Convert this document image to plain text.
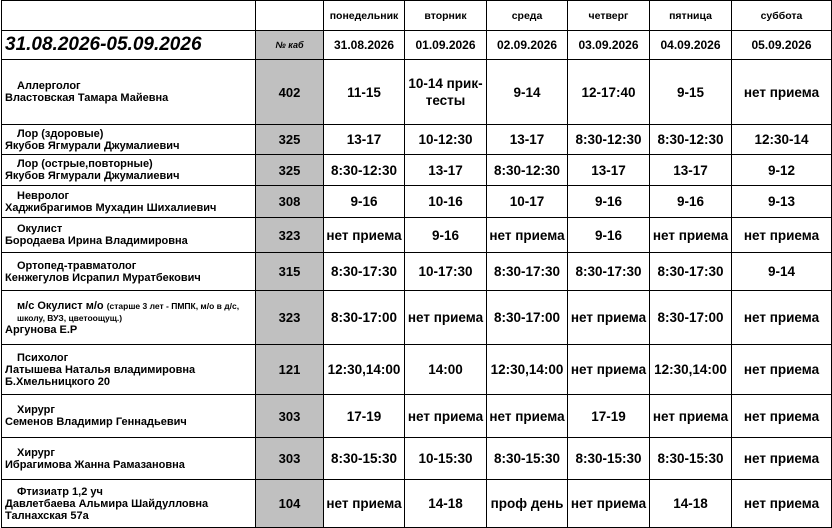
		понедельник	вторник	среда	четверг	пятница	суббота
31.08.2026-05.09.2026	№ каб	31.08.2026	01.09.2026	02.09.2026	03.09.2026	04.09.2026	05.09.2026

Аллерголог
Властовская Тамара Майевна	402	11-15	10-14 прик-тесты	9-14	12-17:40	9-15	нет приема

Лор (здоровые)
Якубов Ягмурали Джумалиевич	325	13-17	10-12:30	13-17	8:30-12:30	8:30-12:30	12:30-14

Лор (острые,повторные)
Якубов Ягмурали Джумалиевич	325	8:30-12:30	13-17	8:30-12:30	13-17	13-17	9-12

Невролог
Хаджибрагимов Мухадин Шихалиевич	308	9-16	10-16	10-17	9-16	9-16	9-13

Окулист
Бородаева Ирина Владимировна	323	нет приема	9-16	нет приема	9-16	нет приема	нет приема

Ортопед-травматолог
Кенжегулов Исрапил Муратбекович	315	8:30-17:30	10-17:30	8:30-17:30	8:30-17:30	8:30-17:30	9-14

м/с Окулист м/о (старше 3 лет - ПМПК, м/о в д/с, школу, ВУЗ, цветоощущ.)
Аргунова Е.Р	323	8:30-17:00	нет приема	8:30-17:00	нет приема	8:30-17:00	нет приема

Психолог
Латышева Наталья владимировна
Б.Хмельницкого 20	121	12:30,14:00	14:00	12:30,14:00	нет приема	12:30,14:00	нет приема

Хирург
Семенов Владимир Геннадьевич	303	17-19	нет приема	нет приема	17-19	нет приема	нет приема

Хирург
Ибрагимова Жанна Рамазановна	303	8:30-15:30	10-15:30	8:30-15:30	8:30-15:30	8:30-15:30	нет приема

Фтизиатр 1,2 уч
Давлетбаева Альмира Шайдулловна
Талнахская 57а	104	нет приема	14-18	проф день	нет приема	14-18	нет приема
